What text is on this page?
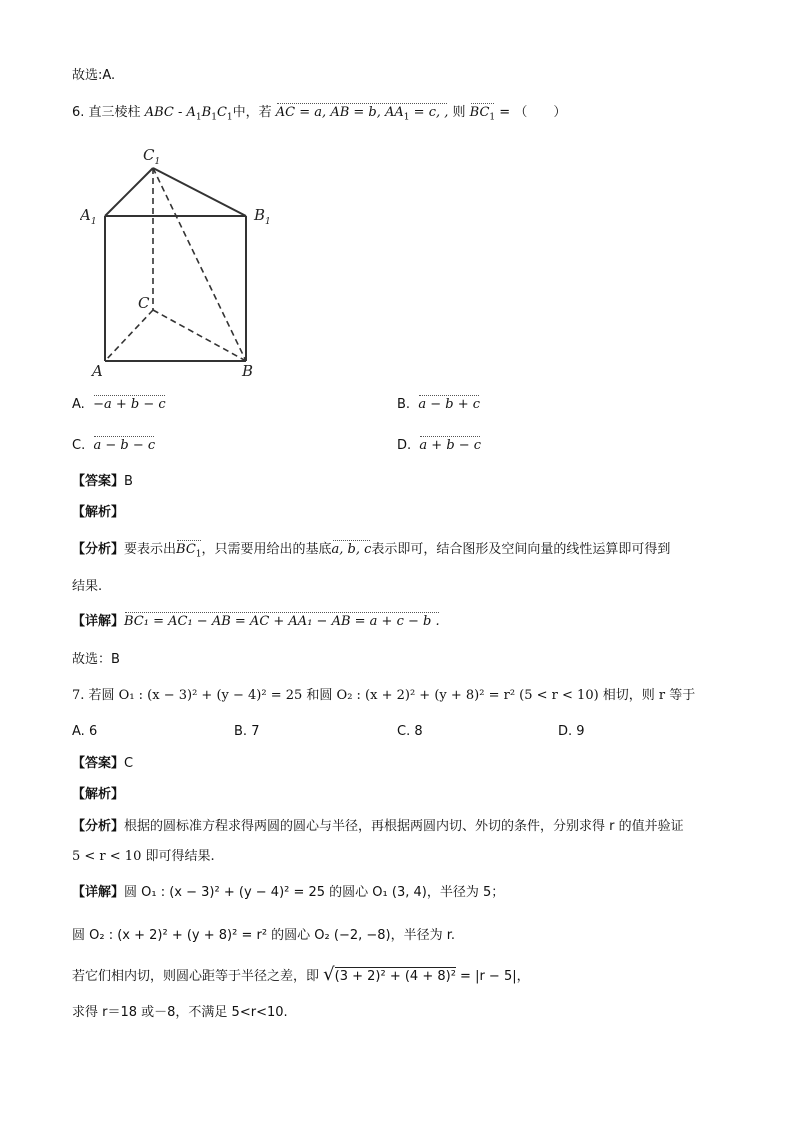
故选:A.
6. 直三棱柱 ABC - $A_1B_1C_1$中，若 AC = a, AB = b, $AA_1 = c$, , 则 $BC_1$ = （　　）
$C_1$
$A_1$	$B_1$
C
A	B
A. −a + b − c	B. a − b + c
C. a − b − c	D. a + b − c
【答案】B
【解析】
【分析】要表示出$BC_1$，只需要用给出的基底a, b, c表示即可，结合图形及空间向量的线性运算即可得到
结果.
【详解】BC₁ = AC₁ − AB = AC + AA₁ − AB = a + c − b .
故选：B
7. 若圆 O₁ : (x − 3)² + (y − 4)² = 25 和圆 O₂ : (x + 2)² + (y + 8)² = r² (5 < r < 10) 相切，则 r 等于
A. 6	B. 7	C. 8	D. 9
【答案】C
【解析】
【分析】根据的圆标准方程求得两圆的圆心与半径，再根据两圆内切、外切的条件，分别求得 r 的值并验证
5 < r < 10 即可得结果.
【详解】圆 O₁ : (x − 3)² + (y − 4)² = 25 的圆心 O₁ (3, 4)，半径为 5；
圆 O₂ : (x + 2)² + (y + 8)² = r² 的圆心 O₂ (−2, −8)，半径为 r.
若它们相内切，则圆心距等于半径之差，即 √(3 + 2)² + (4 + 8)² = |r − 5|，
求得 r＝18 或－8，不满足 5<r<10.
